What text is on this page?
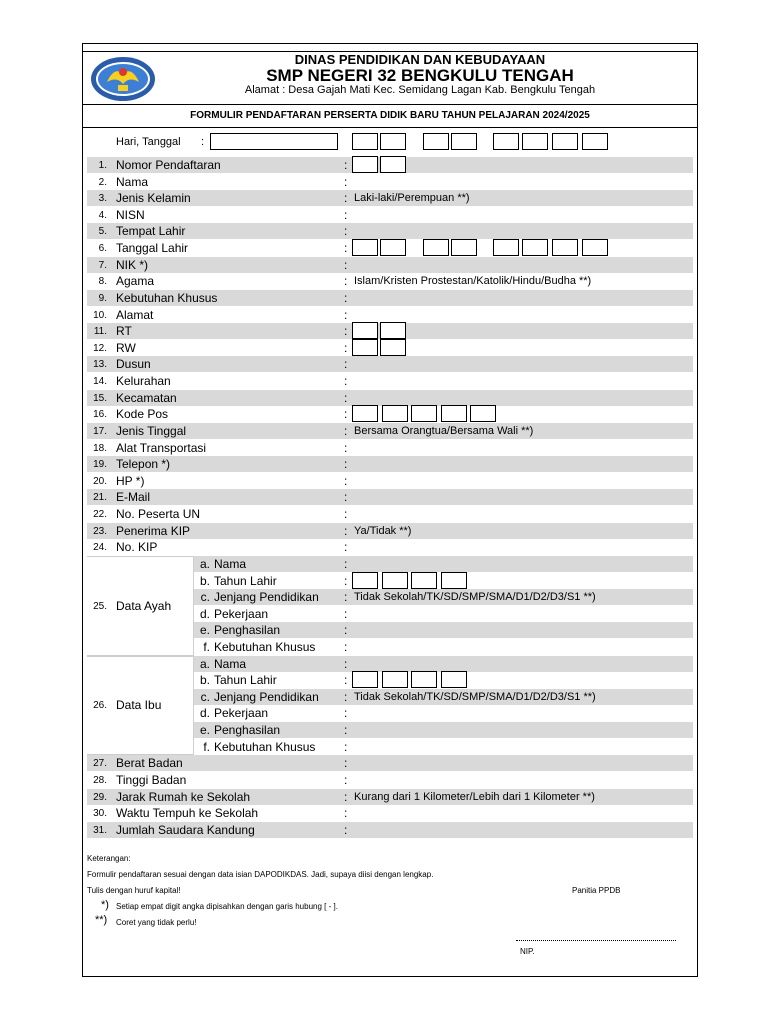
DINAS PENDIDIKAN DAN KEBUDAYAAN
SMP NEGERI 32 BENGKULU TENGAH
Alamat : Desa Gajah Mati Kec. Semidang Lagan Kab. Bengkulu Tengah
FORMULIR PENDAFTARAN PERSERTA DIDIK BARU TAHUN PELAJARAN 2024/2025
Hari, Tanggal :
1. Nomor Pendaftaran	:
2. Nama	:
3. Jenis Kelamin	: Laki-laki/Perempuan **)
4. NISN	:
5. Tempat Lahir	:
6. Tanggal Lahir	:
7. NIK *)	:
8. Agama	: Islam/Kristen Prostestan/Katolik/Hindu/Budha **)
9. Kebutuhan Khusus	:
10. Alamat	:
11. RT	:
12. RW	:
13. Dusun	:
14. Kelurahan	:
15. Kecamatan	:
16. Kode Pos	:
17. Jenis Tinggal	: Bersama Orangtua/Bersama Wali **)
18. Alat Transportasi	:
19. Telepon *)	:
20. HP *)	:
21. E-Mail	:
22. No. Peserta UN	:
23. Penerima KIP	: Ya/Tidak **)
24. No. KIP	:
a. Nama	:
b. Tahun Lahir	:
c. Jenjang Pendidikan : Tidak Sekolah/TK/SD/SMP/SMA/D1/D2/D3/S1 **)
d. Pekerjaan	:
e. Penghasilan	:
f. Kebutuhan Khusus :
25. Data Ayah
a. Nama	:
b. Tahun Lahir	:
c. Jenjang Pendidikan : Tidak Sekolah/TK/SD/SMP/SMA/D1/D2/D3/S1 **)
d. Pekerjaan	:
e. Penghasilan	:
f. Kebutuhan Khusus :
26. Data Ibu
27. Berat Badan	:
28. Tinggi Badan	:
29. Jarak Rumah ke Sekolah	: Kurang dari 1 Kilometer/Lebih dari 1 Kilometer **)
30. Waktu Tempuh ke Sekolah	:
31. Jumlah Saudara Kandung	:
Keterangan:
Formulir pendaftaran sesuai dengan data isian DAPODIKDAS. Jadi, supaya diisi dengan lengkap.
Tulis dengan huruf kapital!	Panitia PPDB
*) Setiap empat digit angka dipisahkan dengan garis hubung [ - ].
**) Coret yang tidak perlu!
NIP.
